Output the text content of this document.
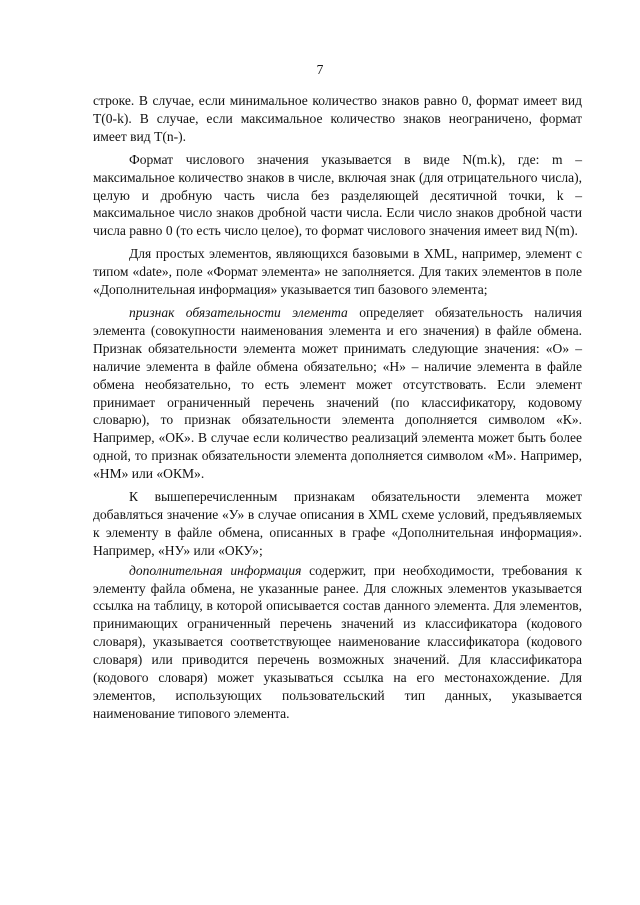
7

строке. В случае, если минимальное количество знаков равно 0, формат имеет вид T(0-k). В случае, если максимальное количество знаков неограничено, формат имеет вид T(n-).

Формат числового значения указывается в виде N(m.k), где: m – максимальное количество знаков в числе, включая знак (для отрицательного числа), целую и дробную часть числа без разделяющей десятичной точки, k – максимальное число знаков дробной части числа. Если число знаков дробной части числа равно 0 (то есть число целое), то формат числового значения имеет вид N(m).

Для простых элементов, являющихся базовыми в XML, например, элемент с типом «date», поле «Формат элемента» не заполняется. Для таких элементов в поле «Дополнительная информация» указывается тип базового элемента;

признак обязательности элемента определяет обязательность наличия элемента (совокупности наименования элемента и его значения) в файле обмена. Признак обязательности элемента может принимать следующие значения: «О» – наличие элемента в файле обмена обязательно; «Н» – наличие элемента в файле обмена необязательно, то есть элемент может отсутствовать. Если элемент принимает ограниченный перечень значений (по классификатору, кодовому словарю), то признак обязательности элемента дополняется символом «К». Например, «ОК». В случае если количество реализаций элемента может быть более одной, то признак обязательности элемента дополняется символом «М». Например, «НМ» или «ОКМ».

К вышеперечисленным признакам обязательности элемента может добавляться значение «У» в случае описания в XML схеме условий, предъявляемых к элементу в файле обмена, описанных в графе «Дополнительная информация». Например, «НУ» или «ОКУ»;

дополнительная информация содержит, при необходимости, требования к элементу файла обмена, не указанные ранее. Для сложных элементов указывается ссылка на таблицу, в которой описывается состав данного элемента. Для элементов, принимающих ограниченный перечень значений из классификатора (кодового словаря), указывается соответствующее наименование классификатора (кодового словаря) или приводится перечень возможных значений. Для классификатора (кодового словаря) может указываться ссылка на его местонахождение. Для элементов, использующих пользовательский тип данных, указывается наименование типового элемента.
